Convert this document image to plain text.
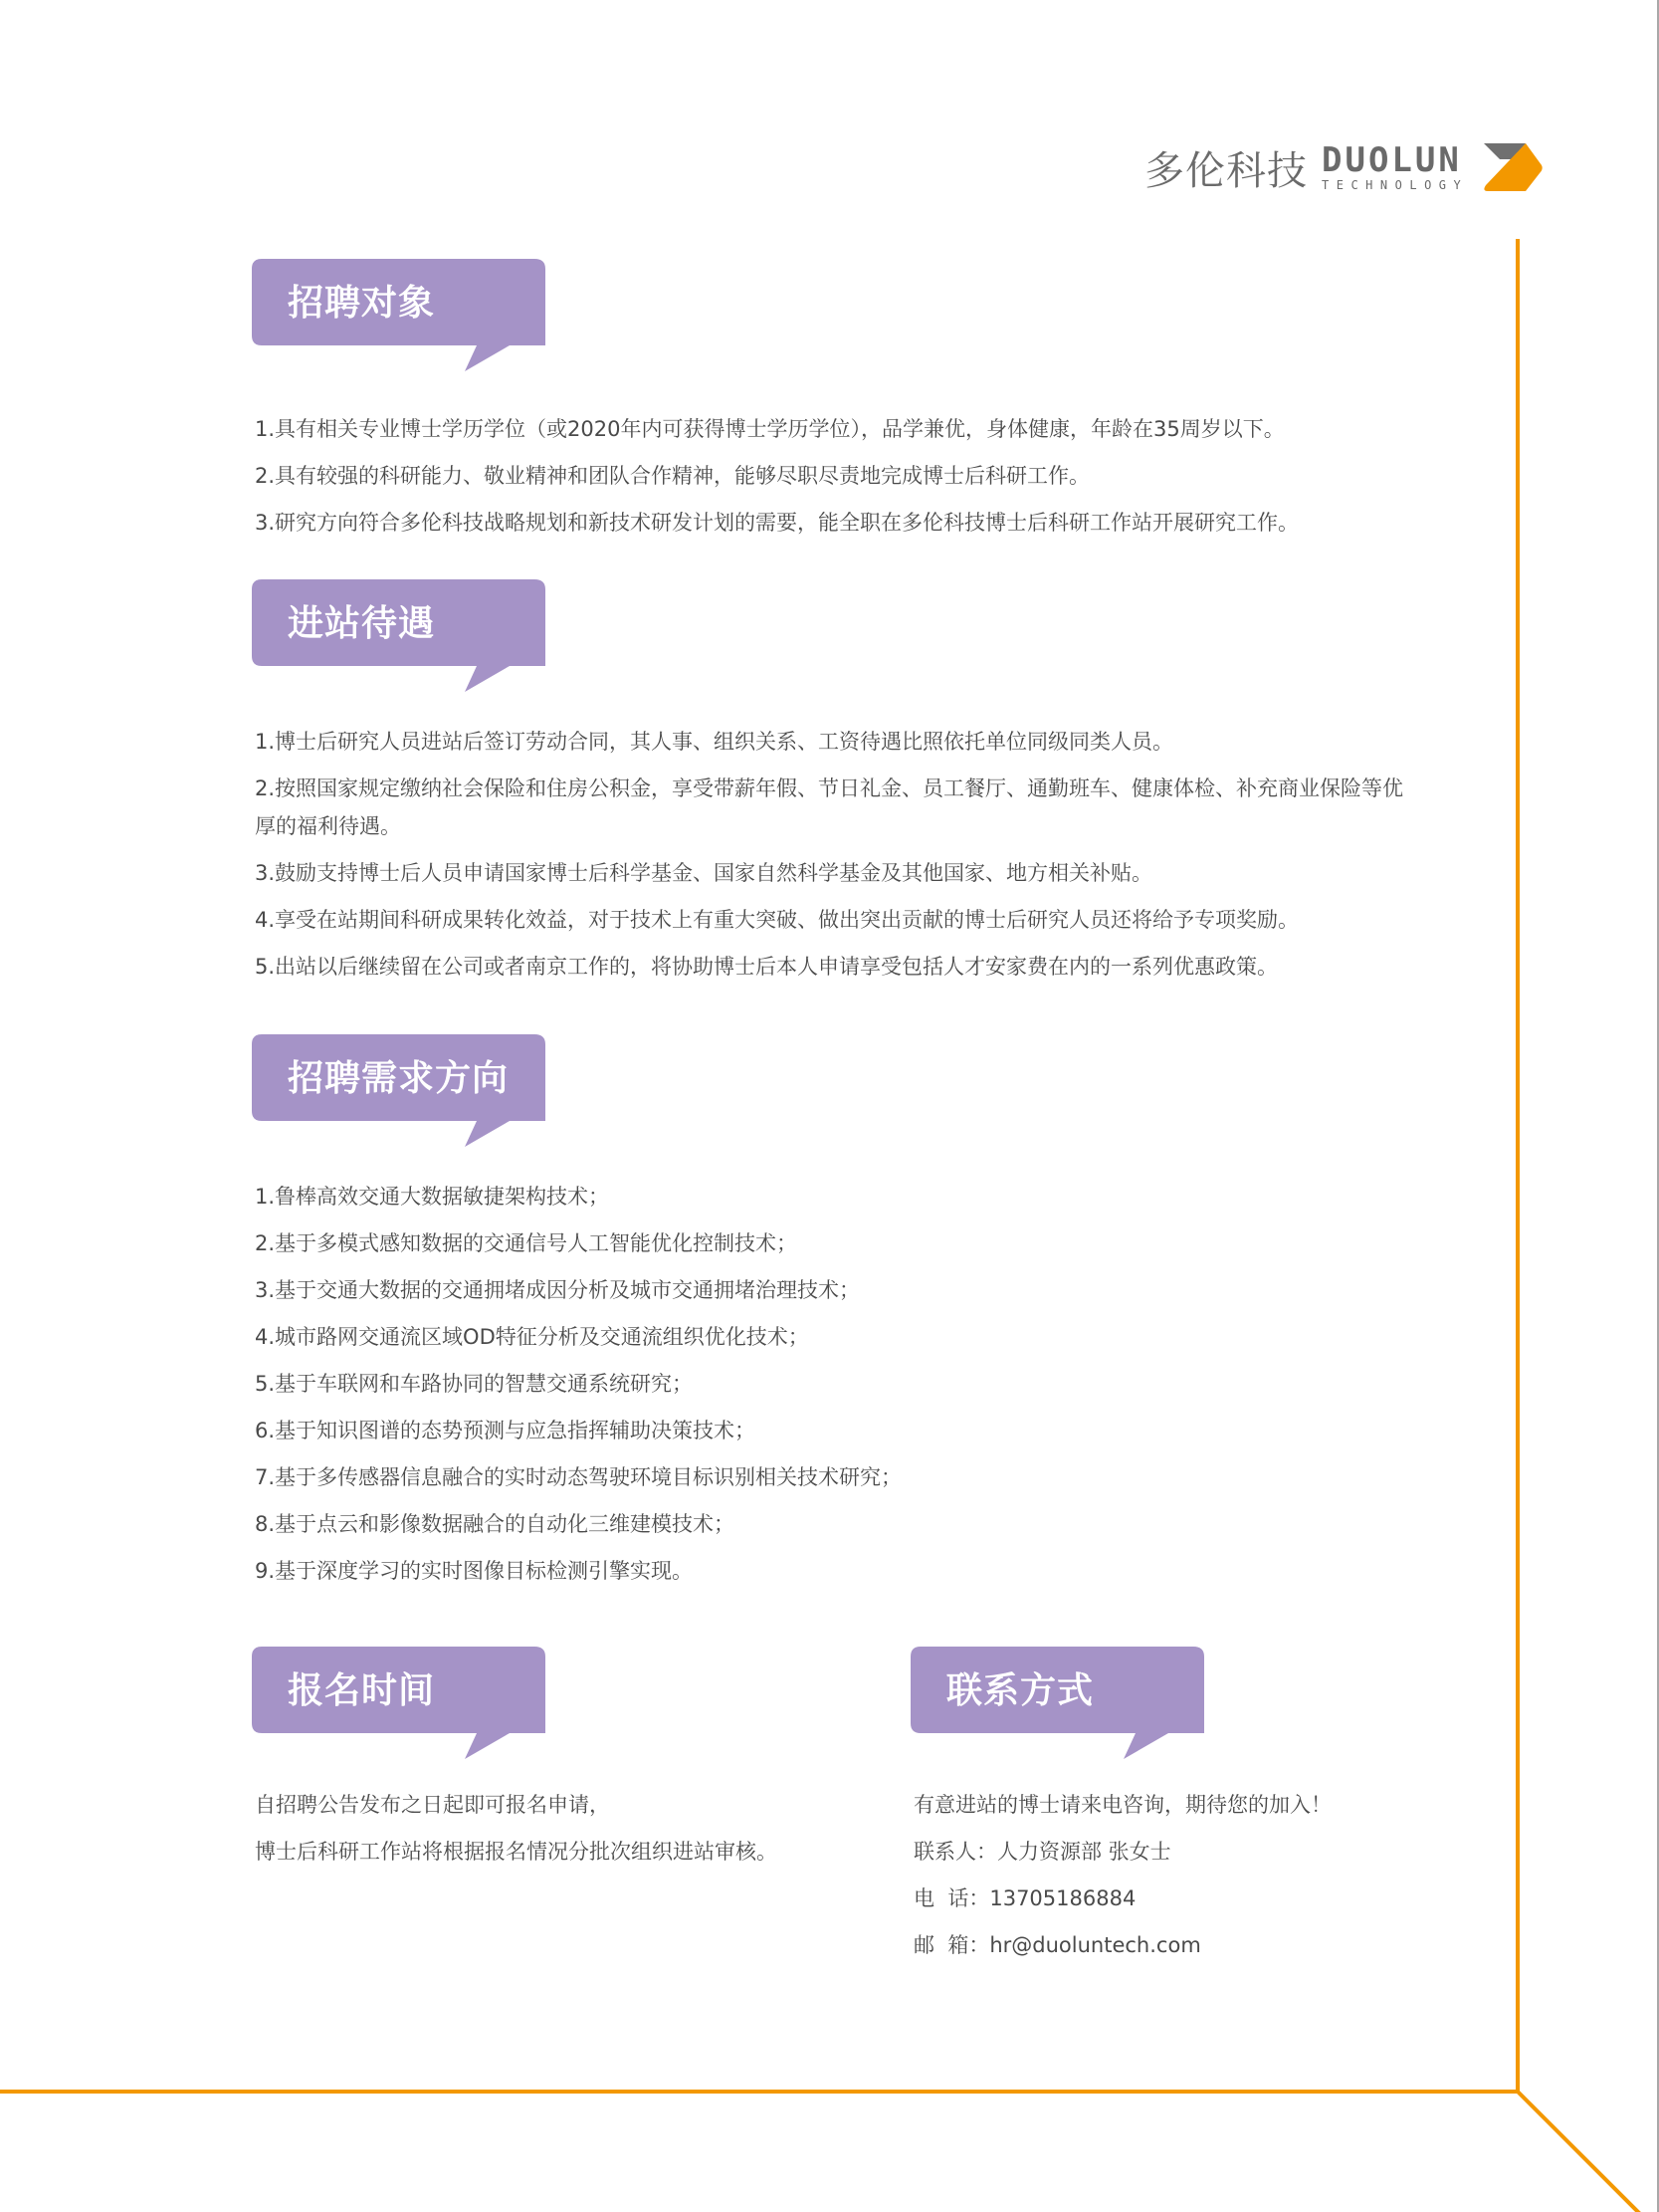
多伦科技 DUOLUN
TECHNOLOGY
招聘对象
1.具有相关专业博士学历学位（或2020年内可获得博士学历学位），品学兼优，身体健康，年龄在35周岁以下。
2.具有较强的科研能力、敬业精神和团队合作精神，能够尽职尽责地完成博士后科研工作。
3.研究方向符合多伦科技战略规划和新技术研发计划的需要，能全职在多伦科技博士后科研工作站开展研究工作。
进站待遇
1.博士后研究人员进站后签订劳动合同，其人事、组织关系、工资待遇比照依托单位同级同类人员。
2.按照国家规定缴纳社会保险和住房公积金，享受带薪年假、节日礼金、员工餐厅、通勤班车、健康体检、补充商业保险等优厚的福利待遇。
3.鼓励支持博士后人员申请国家博士后科学基金、国家自然科学基金及其他国家、地方相关补贴。
4.享受在站期间科研成果转化效益，对于技术上有重大突破、做出突出贡献的博士后研究人员还将给予专项奖励。
5.出站以后继续留在公司或者南京工作的，将协助博士后本人申请享受包括人才安家费在内的一系列优惠政策。
招聘需求方向
1.鲁棒高效交通大数据敏捷架构技术；
2.基于多模式感知数据的交通信号人工智能优化控制技术；
3.基于交通大数据的交通拥堵成因分析及城市交通拥堵治理技术；
4.城市路网交通流区域OD特征分析及交通流组织优化技术；
5.基于车联网和车路协同的智慧交通系统研究；
6.基于知识图谱的态势预测与应急指挥辅助决策技术；
7.基于多传感器信息融合的实时动态驾驶环境目标识别相关技术研究；
8.基于点云和影像数据融合的自动化三维建模技术；
9.基于深度学习的实时图像目标检测引擎实现。
报名时间
自招聘公告发布之日起即可报名申请，
博士后科研工作站将根据报名情况分批次组织进站审核。
联系方式
有意进站的博士请来电咨询，期待您的加入！
联系人：人力资源部 张女士
电  话：13705186884
邮  箱：hr@duoluntech.com
